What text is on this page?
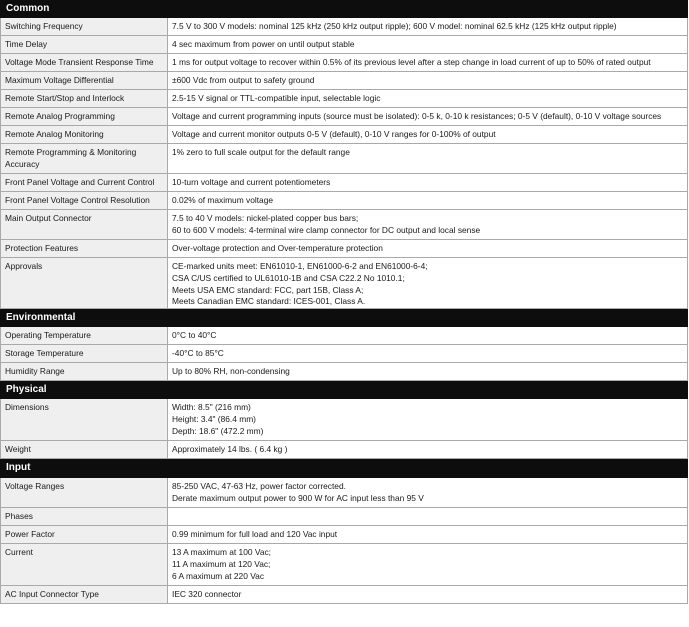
Common	
Switching Frequency	7.5 V to 300 V models: nominal 125 kHz (250 kHz output ripple); 600 V model: nominal 62.5 kHz (125 kHz output ripple)

Time Delay	4 sec maximum from power on until output stable

Voltage Mode Transient Response Time	1 ms for output voltage to recover within 0.5% of its previous level after a step change in load current of up to 50% of rated output

Maximum Voltage Differential	±600 Vdc from output to safety ground

Remote Start/Stop and Interlock	2.5-15 V signal or TTL-compatible input, selectable logic

Remote Analog Programming	Voltage and current programming inputs (source must be isolated): 0-5 k, 0-10 k resistances; 0-5 V (default), 0-10 V voltage sources

Remote Analog Monitoring	Voltage and current monitor outputs 0-5 V (default), 0-10 V ranges for 0-100% of output

Remote Programming & Monitoring Accuracy	1% zero to full scale output for the default range

Front Panel Voltage and Current Control	10-turn voltage and current potentiometers

Front Panel Voltage Control Resolution	0.02% of maximum voltage

Main Output Connector	7.5 to 40 V models: nickel-plated copper bus bars;
60 to 600 V models: 4-terminal wire clamp connector for DC output and local sense

Protection Features	Over-voltage protection and Over-temperature protection

Approvals	CE-marked units meet: EN61010-1, EN61000-6-2 and EN61000-6-4;
CSA C/US certified to UL61010-1B and CSA C22.2 No 1010.1;
Meets USA EMC standard: FCC, part 15B, Class A;
Meets Canadian EMC standard: ICES-001, Class A.

Environmental	
Operating Temperature	0°C to 40°C

Storage Temperature	-40°C to 85°C

Humidity Range	Up to 80% RH, non-condensing

Physical	
Dimensions	Width: 8.5" (216 mm)
Height: 3.4" (86.4 mm)
Depth: 18.6" (472.2 mm)

Weight	Approximately 14 lbs. ( 6.4 kg )

Input	
Voltage Ranges	85-250 VAC, 47-63 Hz, power factor corrected.
Derate maximum output power to 900 W for AC input less than 95 V

Phases	
Power Factor	0.99 minimum for full load and 120 Vac input

Current	13 A maximum at 100 Vac;
11 A maximum at 120 Vac;
6 A maximum at 220 Vac

AC Input Connector Type	IEC 320 connector
